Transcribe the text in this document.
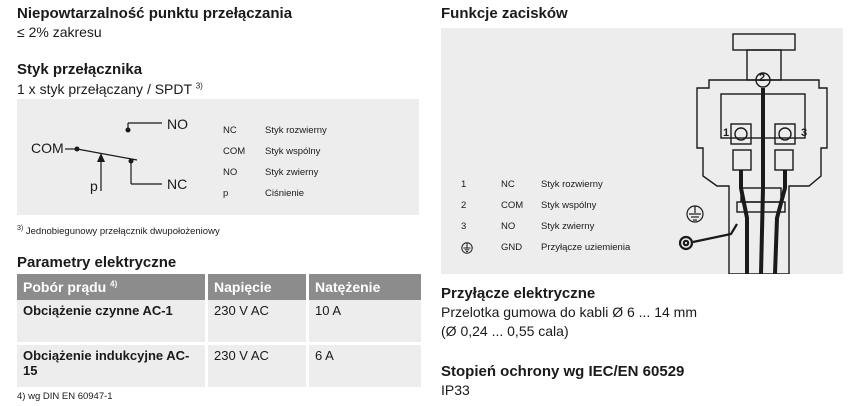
Niepowtarzalność punktu przełączania
≤ 2% zakresu
Styk przełącznika
1 x styk przełączany / SPDT $^{3)}$
NO
COM
NC
p
NC	Styk rozwierny
COM	Styk wspólny
NO	Styk zwierny
p	Ciśnienie
$^{3)}$ Jednobiegunowy przełącznik dwupołożeniowy
Parametry elektryczne
Pobór prądu $^{4)}$	Napięcie	Natężenie
Obciążenie czynne AC-1	230 V AC	10 A
Obciążenie indukcyjne AC-15	230 V AC	6 A
4) wg DIN EN 60947-1
Funkcje zacisków
1
2
3
1	NC	Styk rozwierny
2	COM	Styk wspólny
3	NO	Styk zwierny
GND	Przyłącze uziemienia
Przyłącze elektryczne
Przelotka gumowa do kabli Ø 6 ... 14 mm
(Ø 0,24 ... 0,55 cala)
Stopień ochrony wg IEC/EN 60529
IP33
